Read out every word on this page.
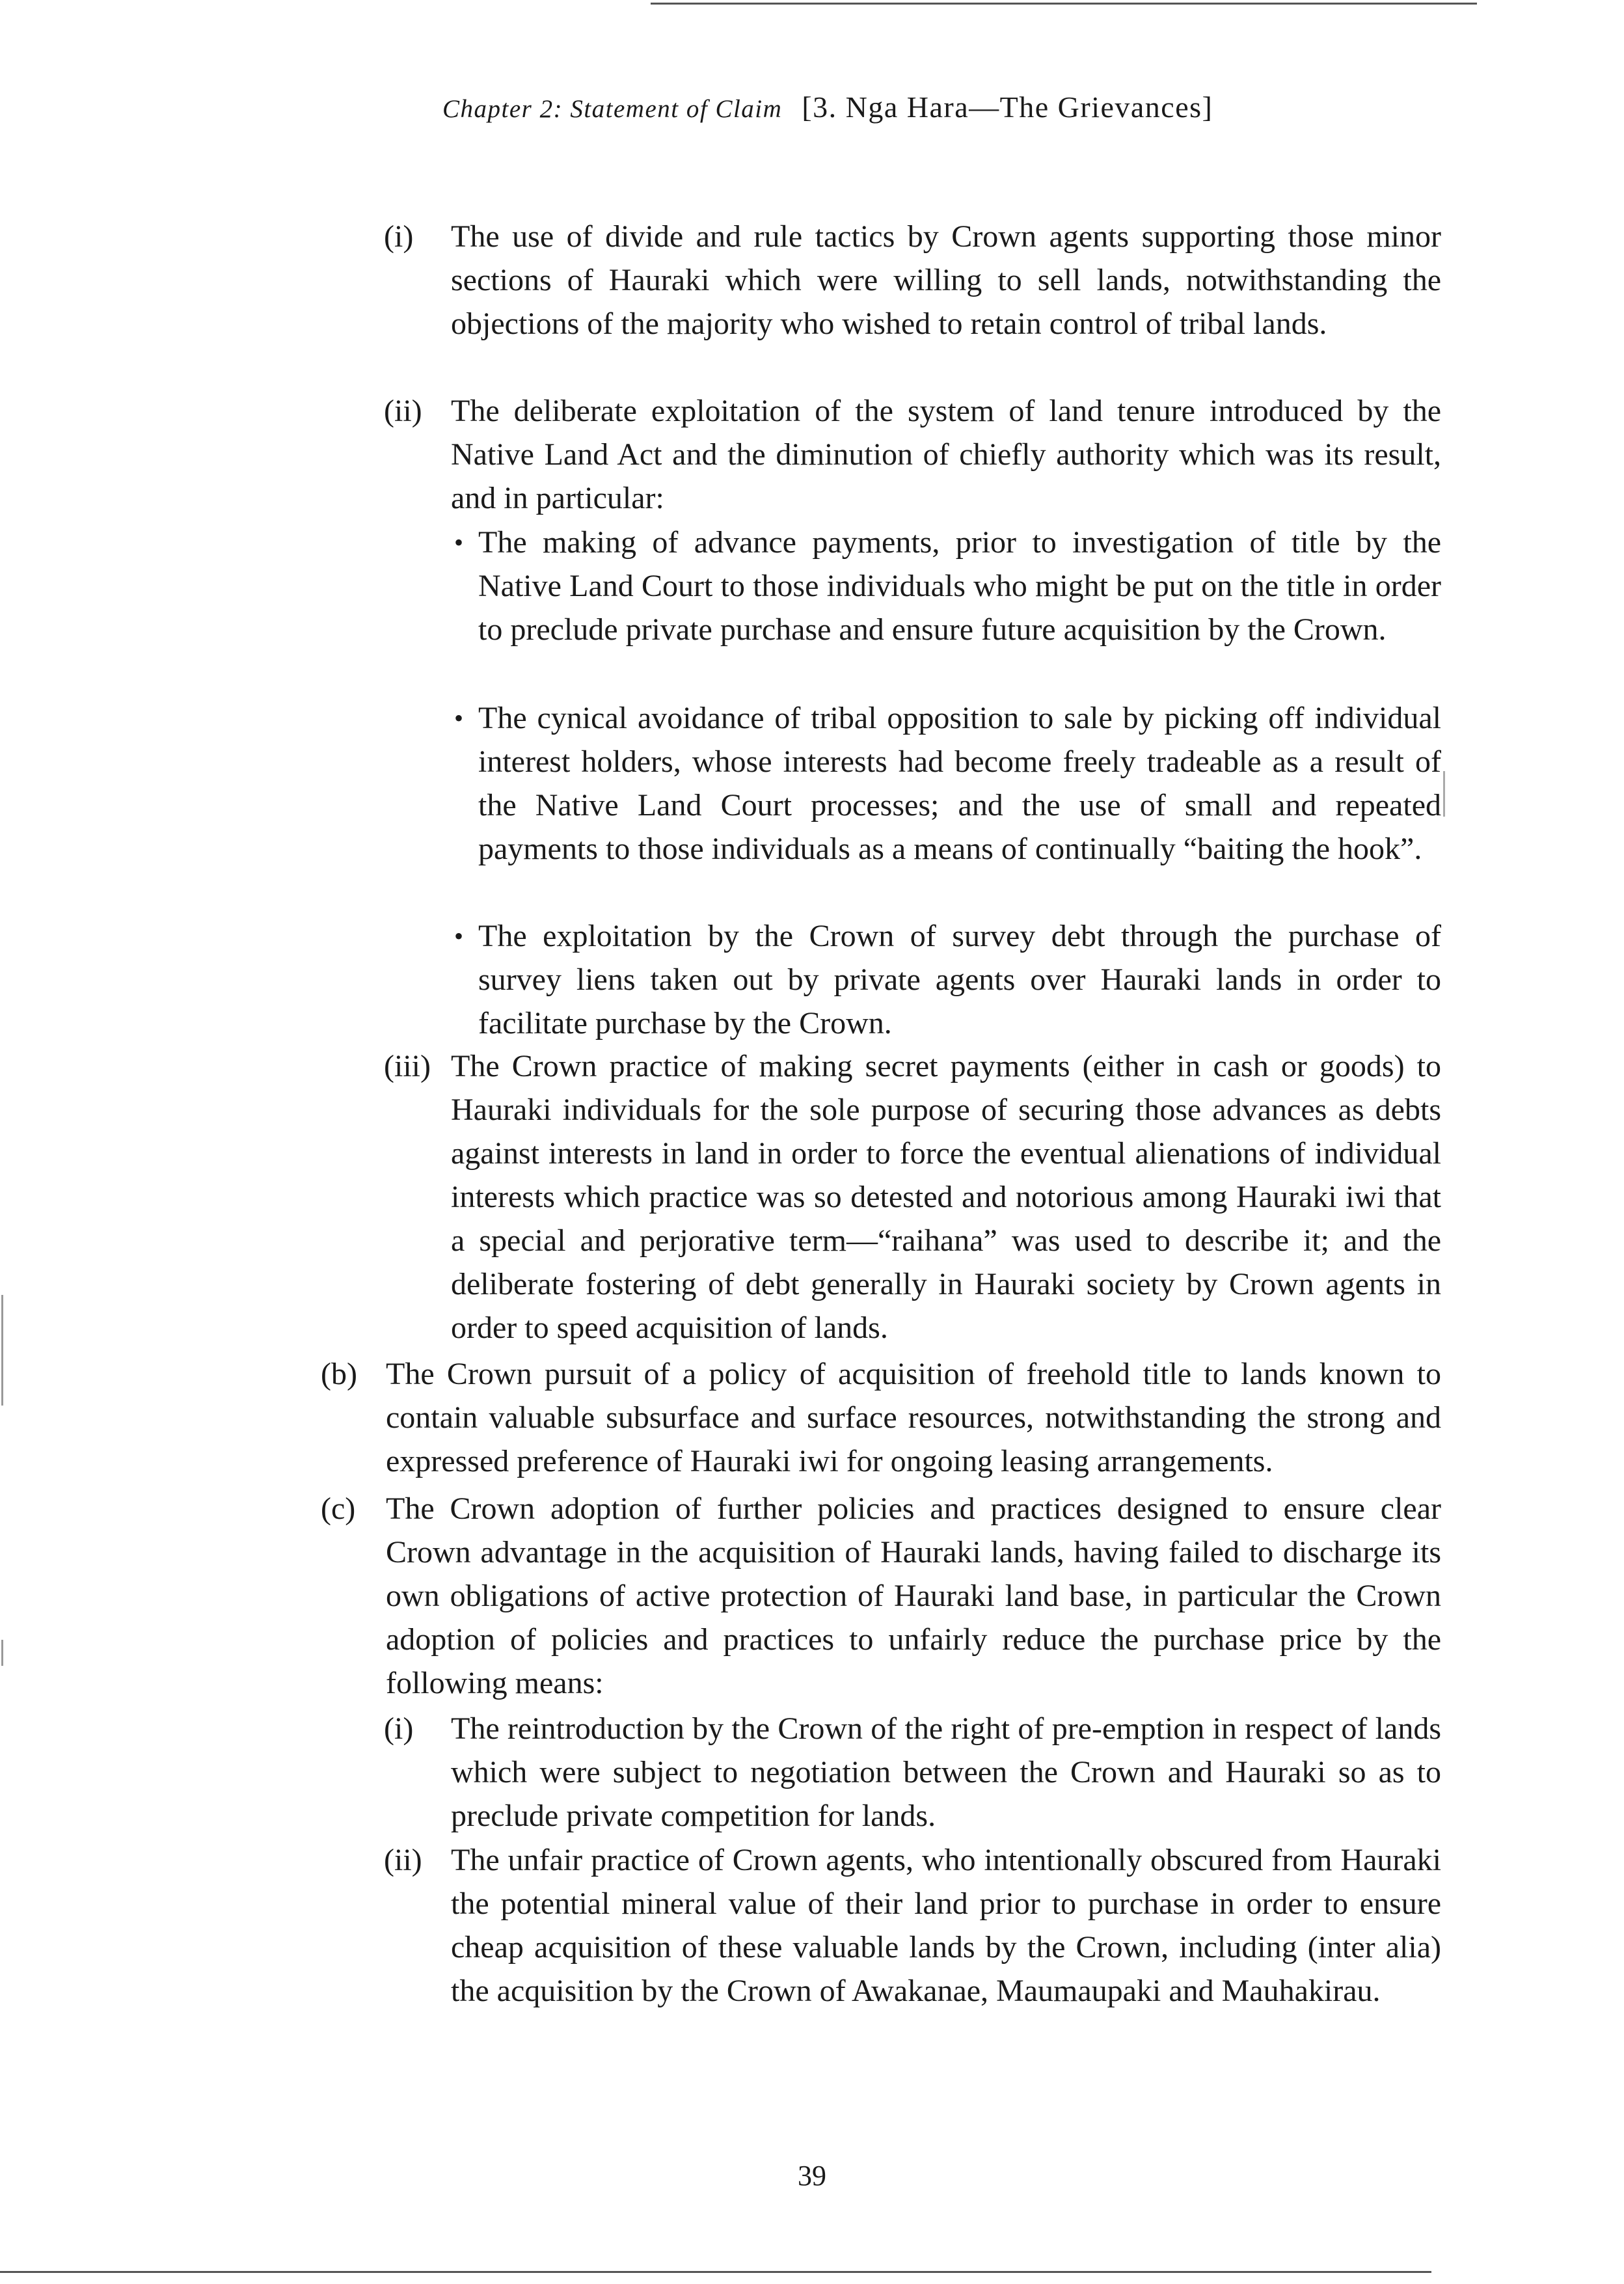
Chapter 2: Statement of Claim [3. Nga Hara—The Grievances]
(i) The use of divide and rule tactics by Crown agents supporting those minor sections of Hauraki which were willing to sell lands, notwithstanding the objections of the majority who wished to retain control of tribal lands.
(ii) The deliberate exploitation of the system of land tenure introduced by the Native Land Act and the diminution of chiefly authority which was its result, and in particular:
• The making of advance payments, prior to investigation of title by the Native Land Court to those individuals who might be put on the title in order to preclude private purchase and ensure future acquisition by the Crown.
• The cynical avoidance of tribal opposition to sale by picking off individual interest holders, whose interests had become freely tradeable as a result of the Native Land Court processes; and the use of small and repeated payments to those individuals as a means of continually “baiting the hook”.
• The exploitation by the Crown of survey debt through the purchase of survey liens taken out by private agents over Hauraki lands in order to facilitate purchase by the Crown.
(iii) The Crown practice of making secret payments (either in cash or goods) to Hauraki individuals for the sole purpose of securing those advances as debts against interests in land in order to force the eventual alienations of individual interests which practice was so detested and notorious among Hauraki iwi that a special and perjorative term—“raihana” was used to describe it; and the deliberate fostering of debt generally in Hauraki society by Crown agents in order to speed acquisition of lands.
(b) The Crown pursuit of a policy of acquisition of freehold title to lands known to contain valuable subsurface and surface resources, notwithstanding the strong and expressed preference of Hauraki iwi for ongoing leasing arrangements.
(c) The Crown adoption of further policies and practices designed to ensure clear Crown advantage in the acquisition of Hauraki lands, having failed to discharge its own obligations of active protection of Hauraki land base, in particular the Crown adoption of policies and practices to unfairly reduce the purchase price by the following means:
(i) The reintroduction by the Crown of the right of pre-emption in respect of lands which were subject to negotiation between the Crown and Hauraki so as to preclude private competition for lands.
(ii) The unfair practice of Crown agents, who intentionally obscured from Hauraki the potential mineral value of their land prior to purchase in order to ensure cheap acquisition of these valuable lands by the Crown, including (inter alia) the acquisition by the Crown of Awakanae, Maumaupaki and Mauhakirau.
39
